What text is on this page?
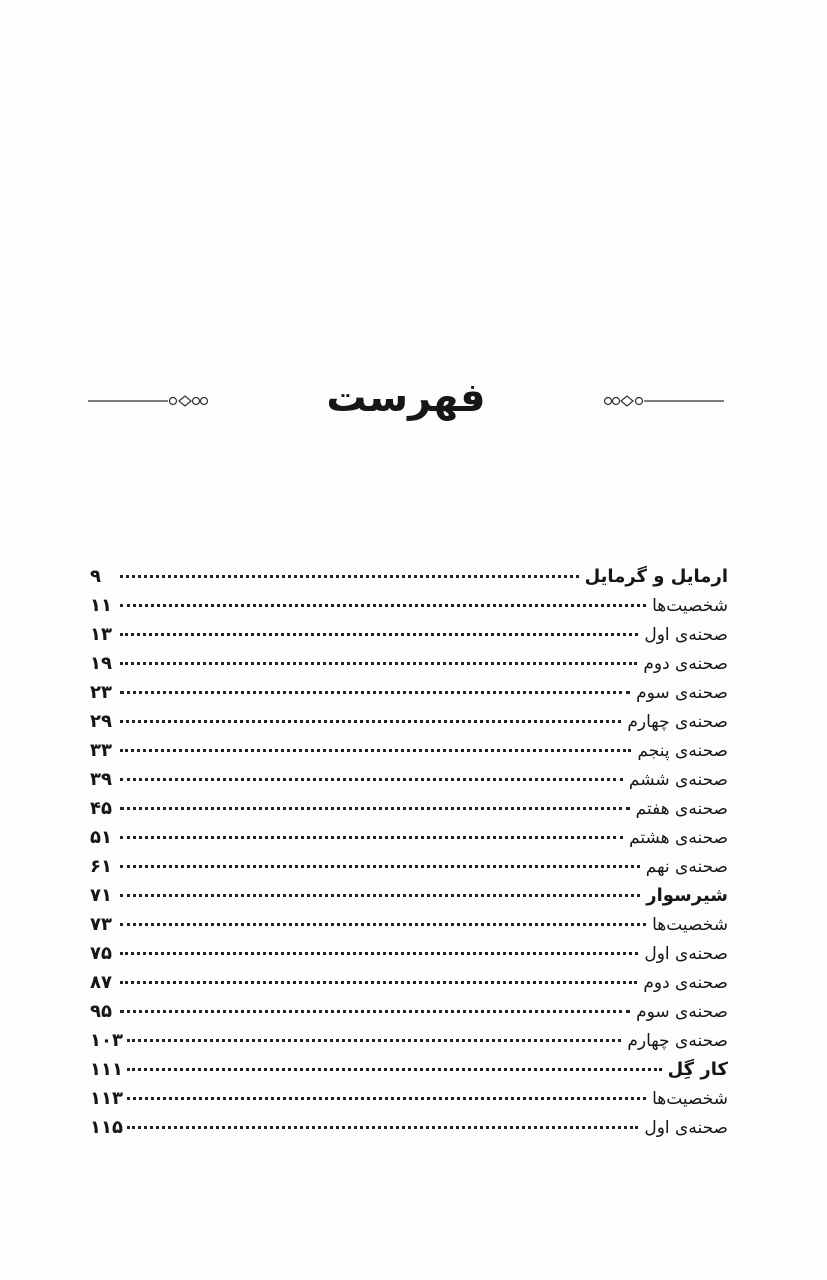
فهرست
ارمایل و گرمایل
۹
شخصیت‌ها
۱۱
صحنه‌ی اول
۱۳
صحنه‌ی دوم
۱۹
صحنه‌ی سوم
۲۳
صحنه‌ی چهارم
۲۹
صحنه‌ی پنجم
۳۳
صحنه‌ی ششم
۳۹
صحنه‌ی هفتم
۴۵
صحنه‌ی هشتم
۵۱
صحنه‌ی نهم
۶۱
شیرسوار
۷۱
شخصیت‌ها
۷۳
صحنه‌ی اول
۷۵
صحنه‌ی دوم
۸۷
صحنه‌ی سوم
۹۵
صحنه‌ی چهارم
۱۰۳
کار گِل
۱۱۱
شخصیت‌ها
۱۱۳
صحنه‌ی اول
۱۱۵
